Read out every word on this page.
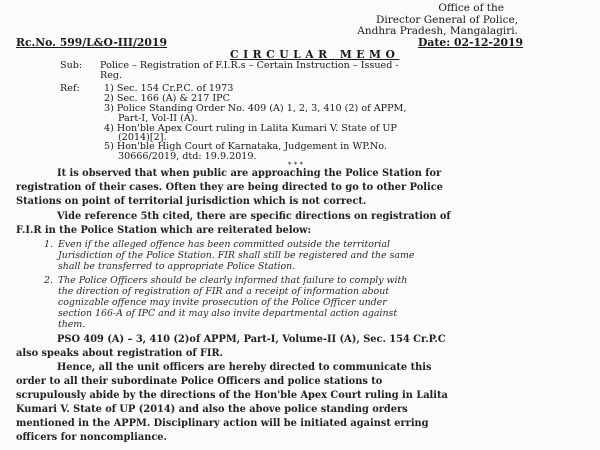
Office of the
Director General of Police,
Andhra Pradesh, Mangalagiri.
Rc.No. 599/L&O-III/2019	Date: 02-12-2019
CIRCULAR MEMO
Sub: Police – Registration of F.I.R.s – Certain Instruction – Issued -
Reg.
Ref:	1) Sec. 154 Cr.P.C. of 1973
2) Sec. 166 (A) & 217 IPC
3) Police Standing Order No. 409 (A) 1, 2, 3, 410 (2) of APPM,
Part-I, Vol-II (A).
4) Hon'ble Apex Court ruling in Lalita Kumari V. State of UP
(2014)[2].
5) Hon'ble High Court of Karnataka, Judgement in WP.No.
30666/2019, dtd: 19.9.2019.
* * *
It is observed that when public are approaching the Police Station for
registration of their cases. Often they are being directed to go to other Police
Stations on point of territorial jurisdiction which is not correct.
Vide reference 5th cited, there are specific directions on registration of
F.I.R in the Police Station which are reiterated below:
1. Even if the alleged offence has been committed outside the territorial
Jurisdiction of the Police Station. FIR shall still be registered and the same
shall be transferred to appropriate Police Station.
2. The Police Officers should be clearly informed that failure to comply with
the direction of registration of FIR and a receipt of information about
cognizable offence may invite prosecution of the Police Officer under
section 166-A of IPC and it may also invite departmental action against
them.
PSO 409 (A) – 3, 410 (2)of APPM, Part-I, Volume-II (A), Sec. 154 Cr.P.C
also speaks about registration of FIR.
Hence, all the unit officers are hereby directed to communicate this
order to all their subordinate Police Officers and police stations to
scrupulously abide by the directions of the Hon'ble Apex Court ruling in Lalita
Kumari V. State of UP (2014) and also the above police standing orders
mentioned in the APPM. Disciplinary action will be initiated against erring
officers for noncompliance.
